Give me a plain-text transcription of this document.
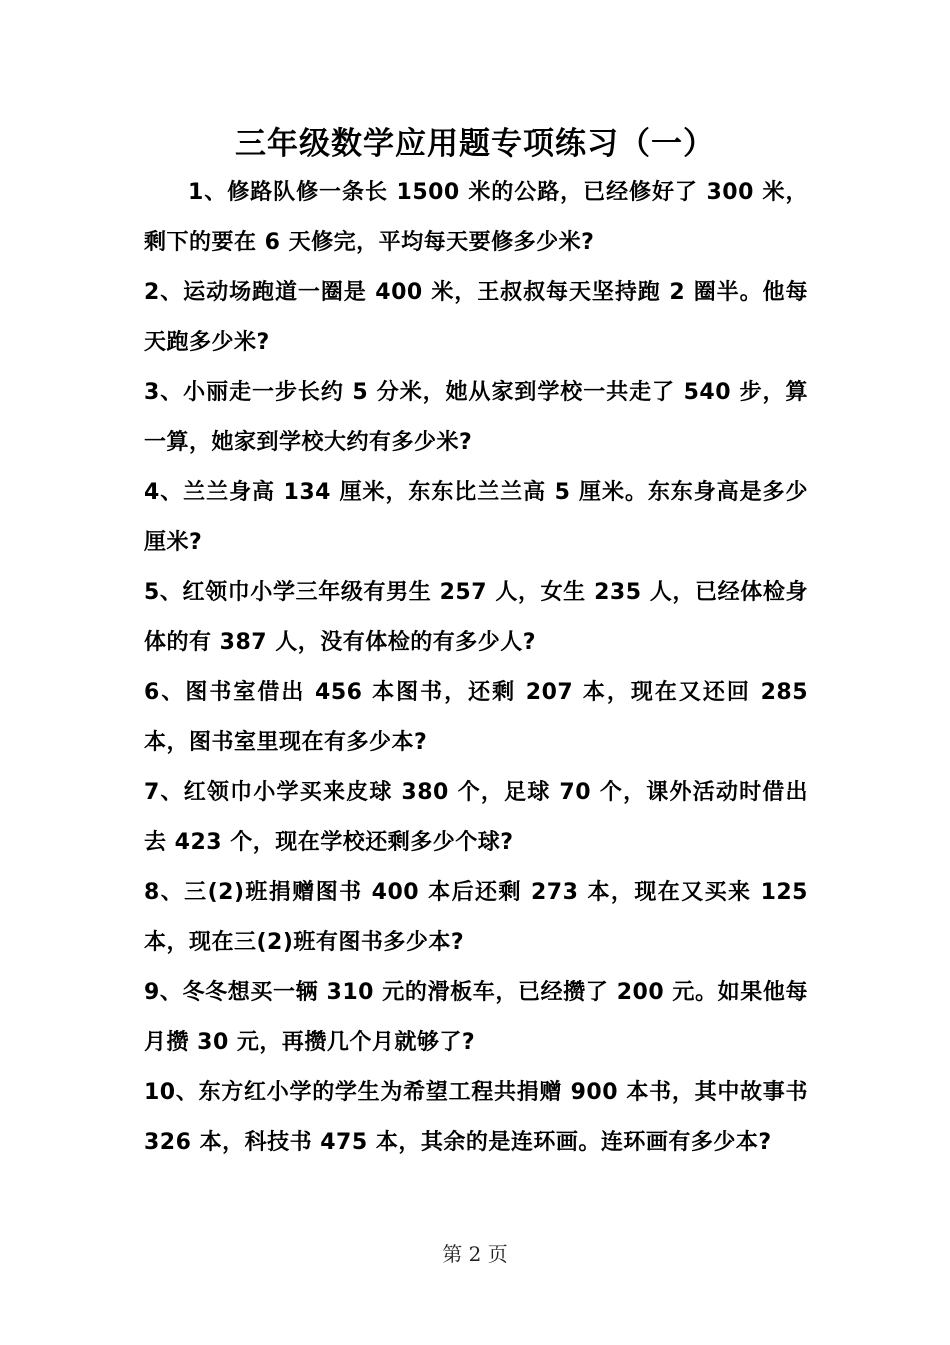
三年级数学应用题专项练习（一）

1、修路队修一条长 1500 米的公路，已经修好了 300 米，剩下的要在 6 天修完，平均每天要修多少米?

2、运动场跑道一圈是 400 米，王叔叔每天坚持跑 2 圈半。他每天跑多少米?

3、小丽走一步长约 5 分米，她从家到学校一共走了 540 步，算一算，她家到学校大约有多少米?

4、兰兰身高 134 厘米，东东比兰兰高 5 厘米。东东身高是多少厘米?

5、红领巾小学三年级有男生 257 人，女生 235 人，已经体检身体的有 387 人，没有体检的有多少人?

6、图书室借出 456 本图书，还剩 207 本，现在又还回 285 本，图书室里现在有多少本?

7、红领巾小学买来皮球 380 个，足球 70 个，课外活动时借出去 423 个，现在学校还剩多少个球?

8、三(2)班捐赠图书 400 本后还剩 273 本，现在又买来 125 本，现在三(2)班有图书多少本?

9、冬冬想买一辆 310 元的滑板车，已经攒了 200 元。如果他每月攒 30 元，再攒几个月就够了?

10、东方红小学的学生为希望工程共捐赠 900 本书，其中故事书 326 本，科技书 475 本，其余的是连环画。连环画有多少本?

第 2 页
